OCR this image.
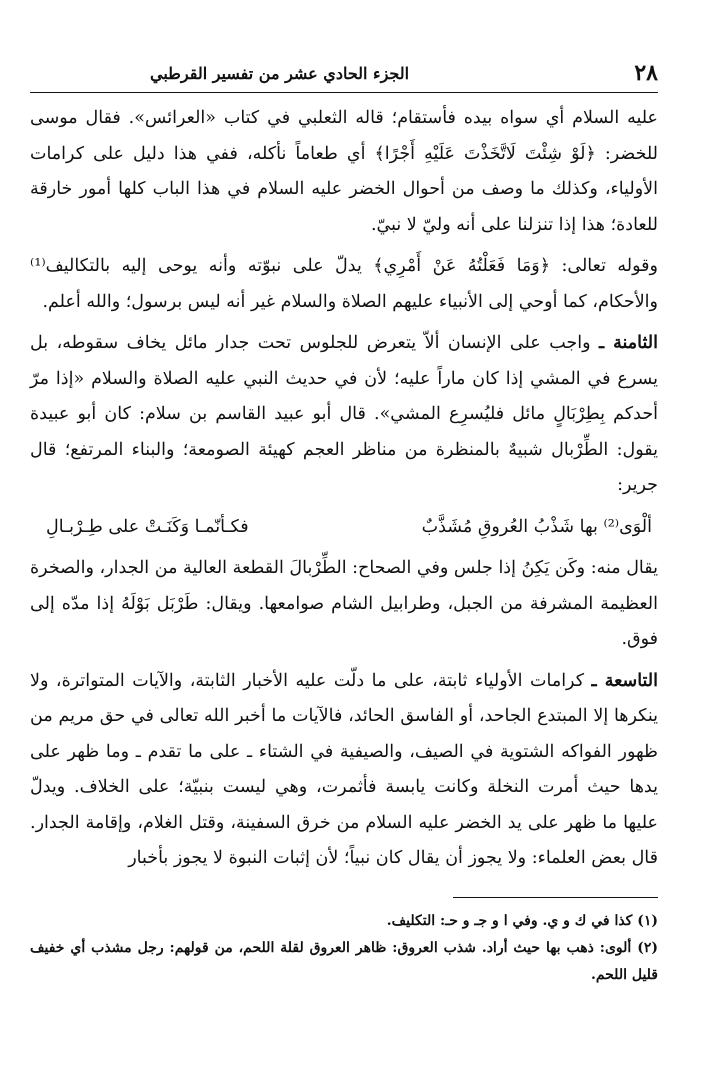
٢٨
الجزء الحادي عشر من تفسير القرطبي

عليه السلام أي سواه بيده فأستقام؛ قاله الثعلبي في كتاب «العرائس». فقال موسى للخضر: ﴿لَوْ شِئْتَ لَاتَّخَذْتَ عَلَيْهِ أَجْرًا﴾ أي طعاماً نأكله، ففي هذا دليل على كرامات الأولياء، وكذلك ما وصف من أحوال الخضر عليه السلام في هذا الباب كلها أمور خارقة للعادة؛ هذا إذا تنزلنا على أنه وليّ لا نبيّ.

وقوله تعالى: ﴿وَمَا فَعَلْتُهُ عَنْ أَمْرِي﴾ يدلّ على نبوّته وأنه يوحى إليه بالتكاليف⁽¹⁾ والأحكام، كما أوحي إلى الأنبياء عليهم الصلاة والسلام غير أنه ليس برسول؛ والله أعلم.

الثامنة ـ واجب على الإنسان ألاّ يتعرض للجلوس تحت جدار مائل يخاف سقوطه، بل يسرع في المشي إذا كان ماراً عليه؛ لأن في حديث النبي عليه الصلاة والسلام «إذا مرّ أحدكم بِطِرْبَالٍ مائل فليُسرِع المشي». قال أبو عبيد القاسم بن سلام: كان أبو عبيدة يقول: الطِّرْبال شبيهٌ بالمنظرة من مناظر العجم كهيئة الصومعة؛ والبناء المرتفع؛ قال جرير:

ألْوَى⁽²⁾ بها شَذْبُ العُروقِ مُشَذَّبٌ
فكـأنّمـا وَكَنَـتْ على طِـرْبـالِ

يقال منه: وكَن يَكِنُ إذا جلس وفي الصحاح: الطِّرْبالَ القطعة العالية من الجدار، والصخرة العظيمة المشرفة من الجبل، وطرابيل الشام صوامعها. ويقال: طَرْبَل بَوْلَهُ إذا مدّه إلى فوق.

التاسعة ـ كرامات الأولياء ثابتة، على ما دلّت عليه الأخبار الثابتة، والآيات المتواترة، ولا ينكرها إلا المبتدع الجاحد، أو الفاسق الحائد، فالآيات ما أخبر الله تعالى في حق مريم من ظهور الفواكه الشتوية في الصيف، والصيفية في الشتاء ـ على ما تقدم ـ وما ظهر على يدها حيث أمرت النخلة وكانت يابسة فأثمرت، وهي ليست بنبيّة؛ على الخلاف. ويدلّ عليها ما ظهر على يد الخضر عليه السلام من خرق السفينة، وقتل الغلام، وإقامة الجدار. قال بعض العلماء: ولا يجوز أن يقال كان نبياً؛ لأن إثبات النبوة لا يجوز بأخبار

(١) كذا في ك و ي. وفي ا و جـ و حـ: التكليف.

(٢) ألوى: ذهب بها حيث أراد. شذب العروق: ظاهر العروق لقلة اللحم، من قولهم: رجل مشذب أي خفيف قليل اللحم.
